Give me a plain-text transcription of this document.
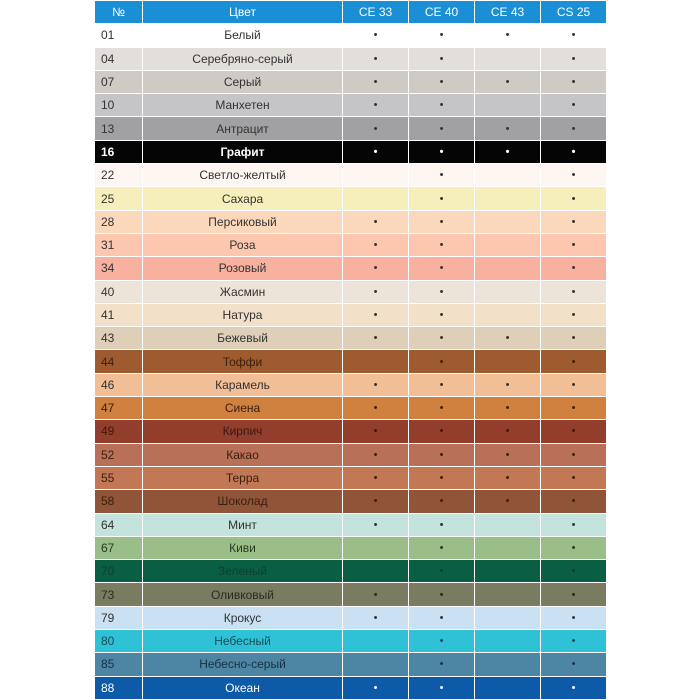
№	Цвет	CE 33	CE 40	CE 43	CS 25
01	Белый	•	•	•	•
04	Серебряно-серый	•	•		•
07	Серый	•	•	•	•
10	Манхетен	•	•		•
13	Антрацит	•	•	•	•
16	Графит	•	•	•	•
22	Светло-желтый		•		•
25	Сахара		•		•
28	Персиковый	•	•		•
31	Роза	•	•		•
34	Розовый	•	•		•
40	Жасмин	•	•		•
41	Натура	•	•		•
43	Бежевый	•	•	•	•
44	Тоффи		•		•
46	Карамель	•	•	•	•
47	Сиена	•	•	•	•
49	Кирпич	•	•	•	•
52	Какао	•	•	•	•
55	Терра	•	•	•	•
58	Шоколад	•	•	•	•
64	Минт	•	•		•
67	Киви		•		•
70	Зеленый		•		•
73	Оливковый	•	•		•
79	Крокус	•	•		•
80	Небесный		•		•
85	Небесно-серый		•		•
88	Океан	•	•		•
